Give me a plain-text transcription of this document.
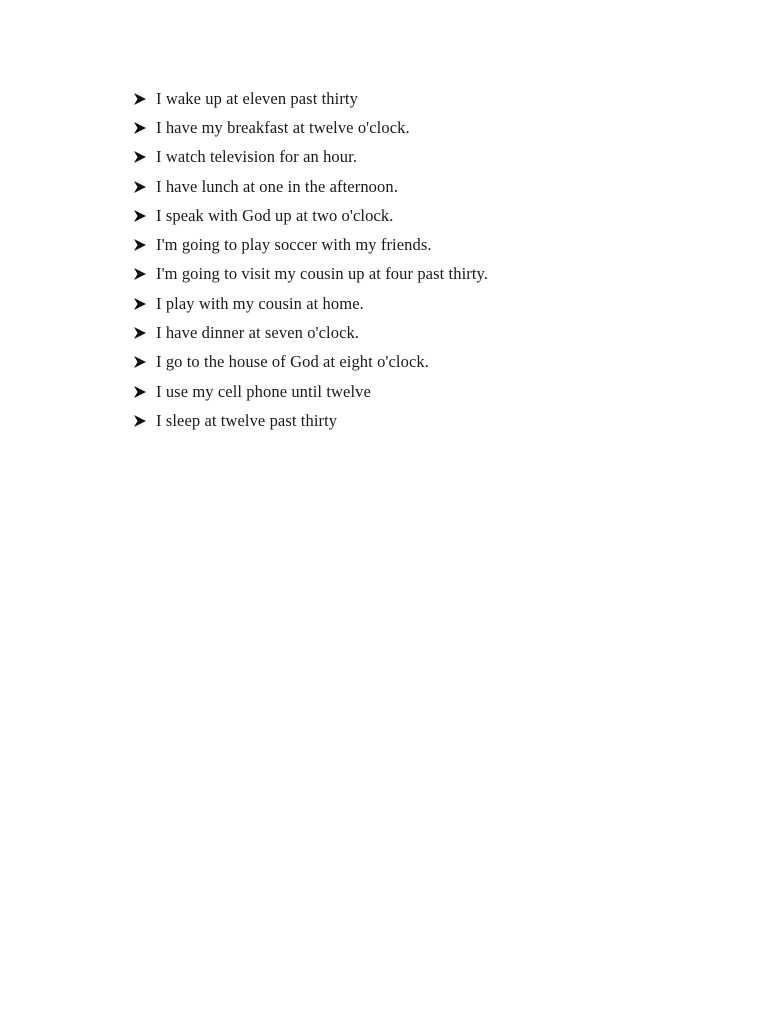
I wake up at eleven past thirty
I have my breakfast at twelve o'clock.
I watch television for an hour.
I have lunch at one in the afternoon.
I speak with God up at two o'clock.
I'm going to play soccer with my friends.
I'm going to visit my cousin up at four past thirty.
I play with my cousin at home.
I have dinner at seven o'clock.
I go to the house of God at eight o'clock.
I use my cell phone until twelve
I sleep at twelve past thirty
